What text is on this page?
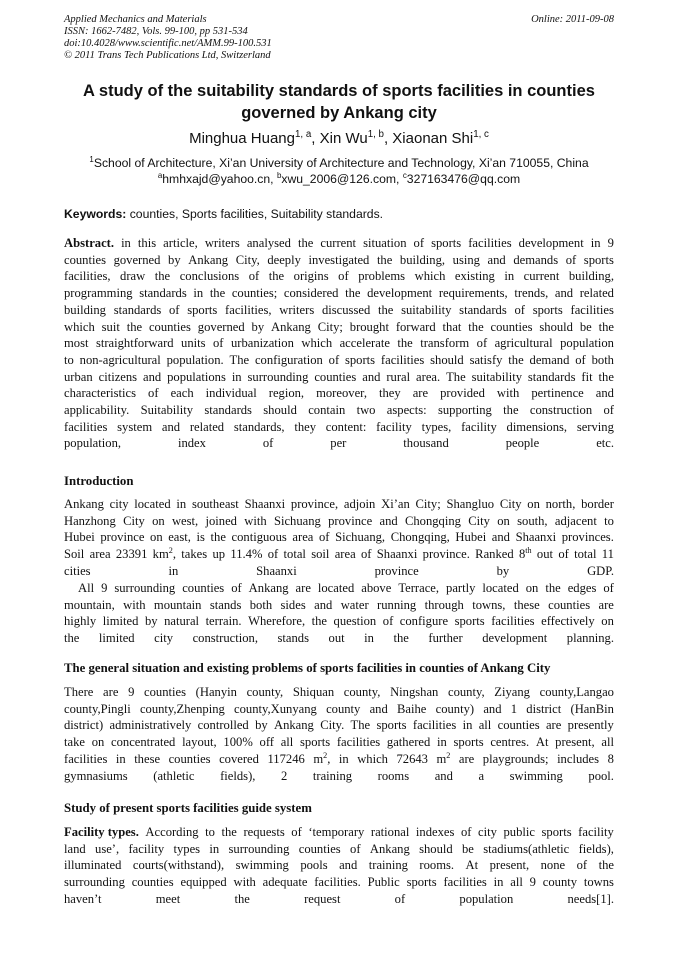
Applied Mechanics and Materials
ISSN: 1662-7482, Vols. 99-100, pp 531-534
doi:10.4028/www.scientific.net/AMM.99-100.531
© 2011 Trans Tech Publications Ltd, Switzerland
Online: 2011-09-08
A study of the suitability standards of sports facilities in counties
governed by Ankang city
Minghua Huang$^{1, a}$, Xin Wu$^{1, b}$, Xiaonan Shi$^{1, c}$
$^1$School of Architecture, Xi’an University of Architecture and Technology, Xi’an 710055, China
$^a$hmhxajd@yahoo.cn, $^b$xwu_2006@126.com, $^c$327163476@qq.com
Keywords: counties, Sports facilities, Suitability standards.
Abstract. in this article, writers analysed the current situation of sports facilities development in 9
counties governed by Ankang City, deeply investigated the building, using and demands of sports
facilities, draw the conclusions of the origins of problems which existing in current building,
programming standards in the counties; considered the development requirements, trends, and related
building standards of sports facilities, writers discussed the suitability standards of sports facilities
which suit the counties governed by Ankang City; brought forward that the counties should be the
most straightforward units of urbanization which accelerate the transform of agricultural population
to non-agricultural population. The configuration of sports facilities should satisfy the demand of both
urban citizens and populations in surrounding counties and rural area. The suitability standards fit the
characteristics of each individual region, moreover, they are provided with pertinence and
applicability. Suitability standards should contain two aspects: supporting the construction of
facilities system and related standards, they content: facility types, facility dimensions, serving
population,	index	of	per	thousand	people	etc.
Introduction
Ankang city located in southeast Shaanxi province, adjoin Xi’an City; Shangluo City on north, border
Hanzhong City on west, joined with Sichuang province and Chongqing City on south, adjacent to
Hubei province on east, is the contiguous area of Sichuang, Chongqing, Hubei and Shaanxi provinces.
Soil area 23391 $km^2$, takes up 11.4% of total soil area of Shaanxi province. Ranked 8th out of total 11
cities	in	Shaanxi	province	by	GDP.
All 9 surrounding counties of Ankang are located above Terrace, partly located on the edges of
mountain, with mountain stands both sides and water running through towns, these counties are
highly limited by natural terrain. Wherefore, the question of configure sports facilities effectively on
the limited city construction, stands out in the further development planning.
The general situation and existing problems of sports facilities in counties of Ankang City
There are 9 counties (Hanyin county, Shiquan county, Ningshan county, Ziyang county,Langao
county,Pingli county,Zhenping county,Xunyang county and Baihe county) and 1 district (HanBin
district) administratively controlled by Ankang City. The sports facilities in all counties are presently
take on concentrated layout, 100% off all sports facilities gathered in sports centres. At present, all
facilities in these counties covered 117246 $m^2$, in which 72643 $m^2$ are playgrounds; includes 8
gymnasiums (athletic fields), 2 training rooms and a swimming pool.
Study of present sports facilities guide system
Facility types. According to the requests of ‘temporary rational indexes of city public sports facility
land use’, facility types in surrounding counties of Ankang should be stadiums(athletic fields),
illuminated courts(withstand), swimming pools and training rooms. At present, none of the
surrounding counties equipped with adequate facilities. Public sports facilities in all 9 county towns
haven’t	meet	the	request	of	population	needs[1].
